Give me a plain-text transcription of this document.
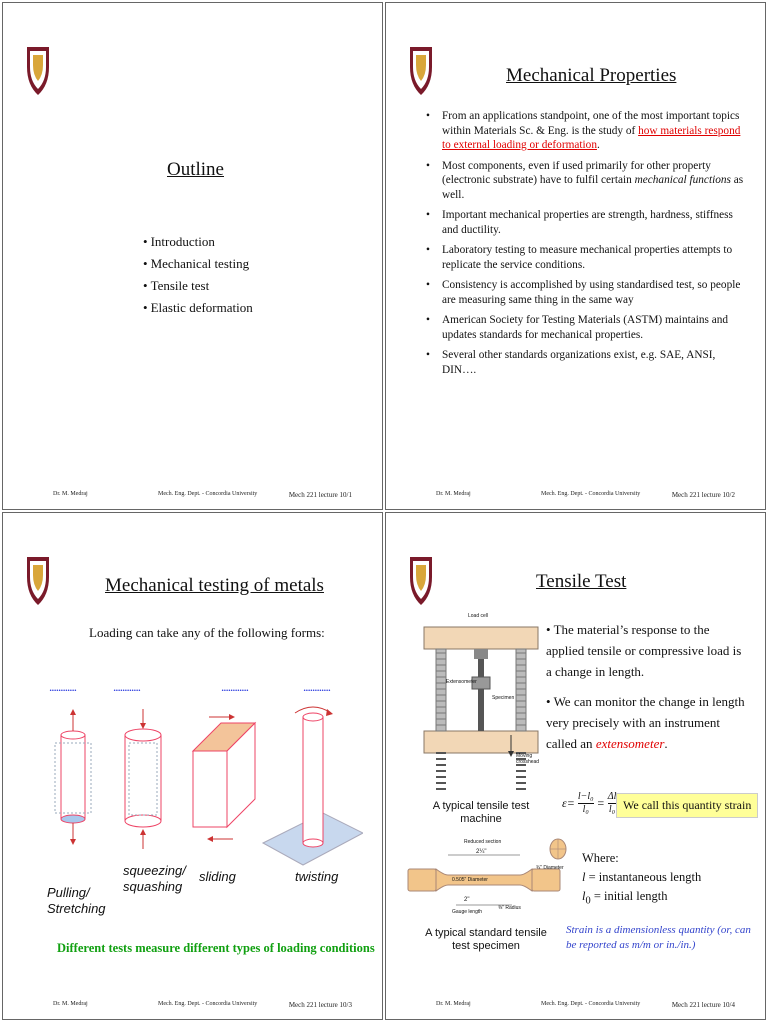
Outline
• Introduction
• Mechanical testing
• Tensile test
• Elastic deformation
Dr. M. Medraj	Mech. Eng. Dept. - Concordia University	Mech 221 lecture 10/1
Mechanical Properties
• From an applications standpoint, one of the most important topics within Materials Sc. & Eng. is the study of how materials respond to external loading or deformation.
• Most components, even if used primarily for other property (electronic substrate) have to fulfil certain mechanical functions as well.
• Important mechanical properties are strength, hardness, stiffness and ductility.
• Laboratory testing to measure mechanical properties attempts to replicate the service conditions.
• Consistency is accomplished by using standardised test, so people are measuring same thing in the same way
• American Society for Testing Materials (ASTM) maintains and updates standards for mechanical properties.
• Several other standards organizations exist, e.g. SAE, ANSI, DIN….
Dr. M. Medraj	Mech. Eng. Dept. - Concordia University	Mech 221 lecture 10/2
Mechanical testing of metals
Loading can take any of the following forms:
............	............	............	............
Pulling/
Stretching
squeezing/
squashing
sliding	twisting
Different tests measure different types of loading conditions
Dr. M. Medraj	Mech. Eng. Dept. - Concordia University	Mech 221 lecture 10/3
Tensile Test
Load cell
Extensometer
Specimen
Moving crosshead
A typical tensile test machine

• The material’s response to the applied tensile or compressive load is a change in length.

• We can monitor the change in length very precisely with an instrument called an extensometer.

$\varepsilon= \frac{\text{l−l₀}}{\text{l₀}} = \frac{\Delta l}{\text{l₀}}$ We call this quantity strain
Reduced section
2¼"
0.505" Diameter
¾" Diameter
2"
Gauge length
⅜" Radius
A typical standard tensile test specimen
Where:
l = instantaneous length
$l_0$ = initial length
Strain is a dimensionless quantity (or, can be reported as m/m or in./in.)
Dr. M. Medraj	Mech. Eng. Dept. - Concordia University	Mech 221 lecture 10/4
